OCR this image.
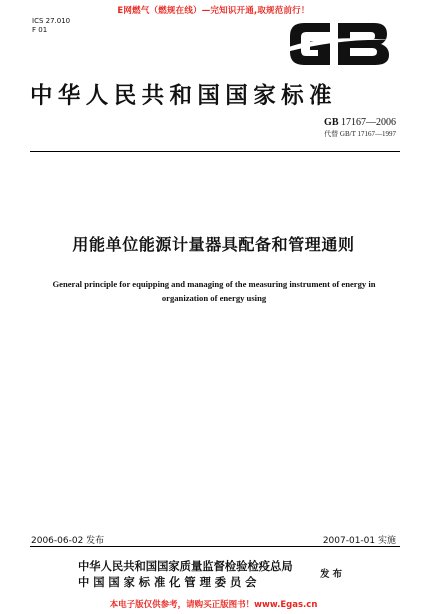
E网燃气（燃规在线）—完知识开通,取规范前行！
ICS 27.010
F 01
中华人民共和国国家标准
GB 17167—2006
代替 GB/T 17167—1997
用能单位能源计量器具配备和管理通则
General principle for equipping and managing of the measuring instrument of energy in organization of energy using
2006-06-02 发布	2007-01-01 实施
中华人民共和国国家质量监督检验检疫总局
中国国家标准化管理委员会
发布
本电子版仅供参考，请购买正版图书！www.Egas.cn
